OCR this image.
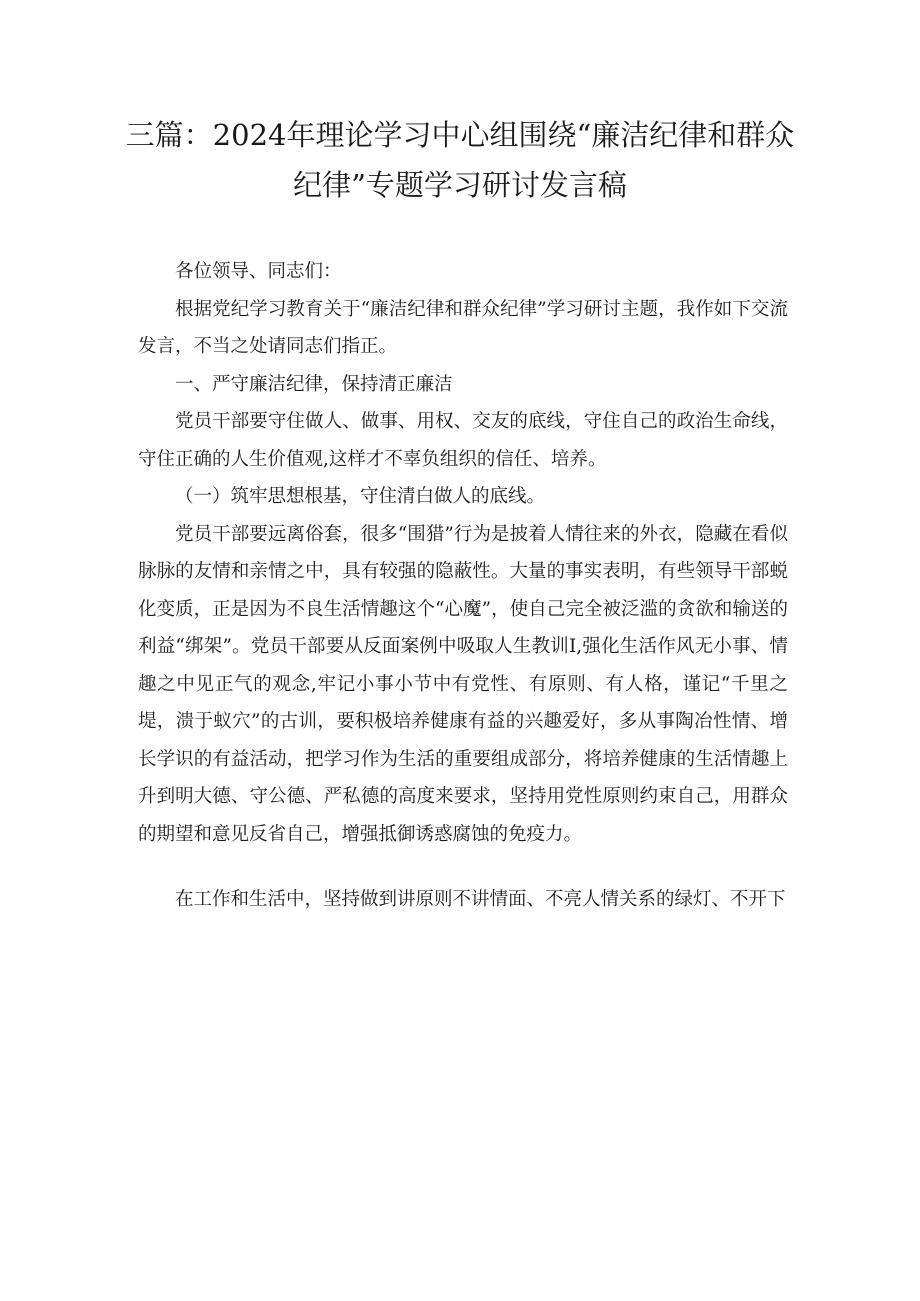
三篇：2024年理论学习中心组围绕“廉洁纪律和群众
纪律”专题学习研讨发言稿

各位领导、同志们：

根据党纪学习教育关于“廉洁纪律和群众纪律”学习研讨主题，我作如下交流发言，不当之处请同志们指正。

一、严守廉洁纪律，保持清正廉洁

党员干部要守住做人、做事、用权、交友的底线，守住自己的政治生命线，守住正确的人生价值观,这样才不辜负组织的信任、培养。

（一）筑牢思想根基，守住清白做人的底线。

党员干部要远离俗套，很多“围猎”行为是披着人情往来的外衣，隐藏在看似脉脉的友情和亲情之中，具有较强的隐蔽性。大量的事实表明，有些领导干部蜕化变质，正是因为不良生活情趣这个“心魔”，使自己完全被泛滥的贪欲和输送的利益“绑架”。党员干部要从反面案例中吸取人生教训I,强化生活作风无小事、情趣之中见正气的观念,牢记小事小节中有党性、有原则、有人格，谨记“千里之堤，溃于蚁穴”的古训，要积极培养健康有益的兴趣爱好，多从事陶冶性情、增长学识的有益活动，把学习作为生活的重要组成部分，将培养健康的生活情趣上升到明大德、守公德、严私德的高度来要求，坚持用党性原则约束自己，用群众的期望和意见反省自己，增强抵御诱惑腐蚀的免疫力。

在工作和生活中，坚持做到讲原则不讲情面、不亮人情关系的绿灯、不开下
